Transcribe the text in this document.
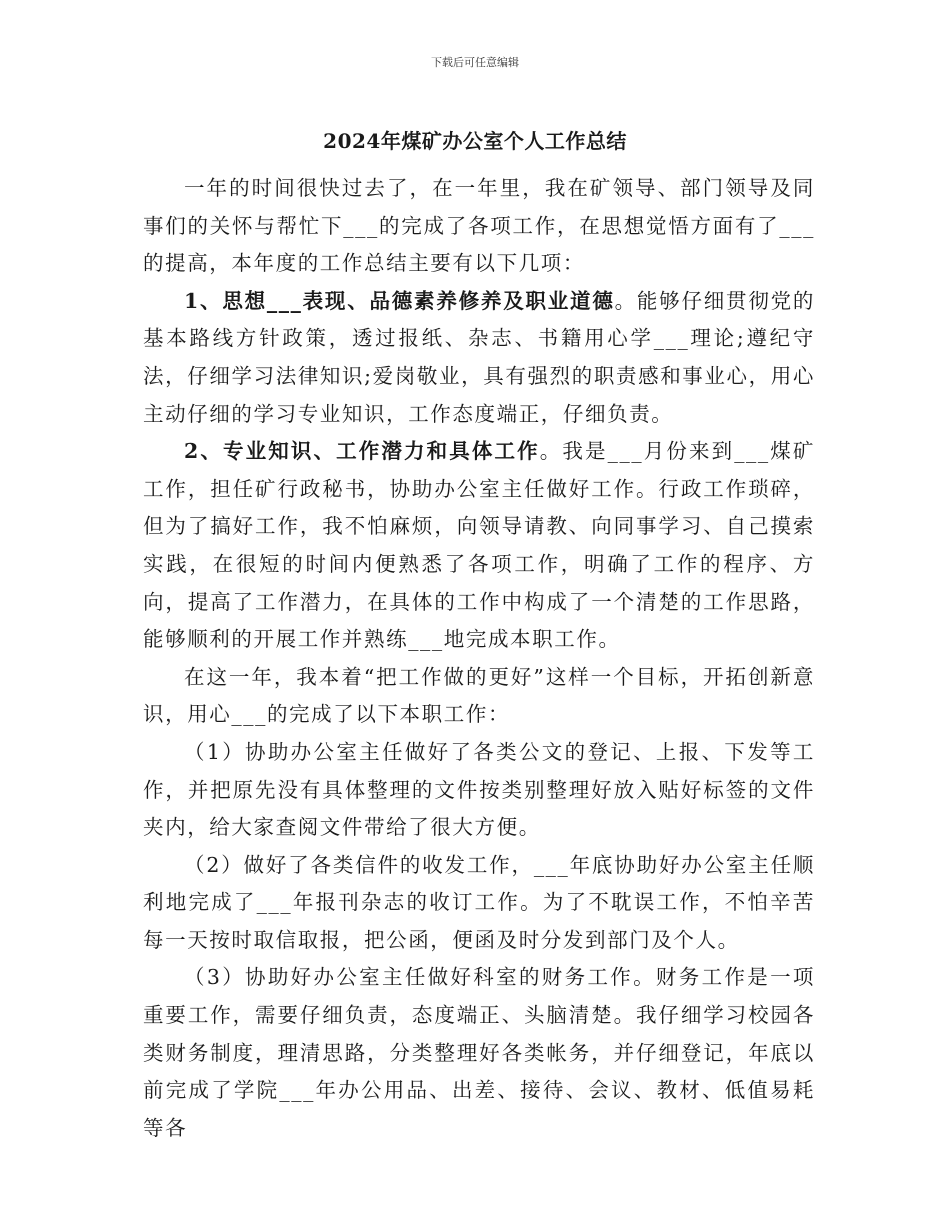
下载后可任意编辑
2024年煤矿办公室个人工作总结

一年的时间很快过去了，在一年里，我在矿领导、部门领导及同事们的关怀与帮忙下___的完成了各项工作，在思想觉悟方面有了___的提高，本年度的工作总结主要有以下几项：

1、思想___表现、品德素养修养及职业道德。能够仔细贯彻党的基本路线方针政策，透过报纸、杂志、书籍用心学___理论;遵纪守法，仔细学习法律知识;爱岗敬业，具有强烈的职责感和事业心，用心主动仔细的学习专业知识，工作态度端正，仔细负责。

2、专业知识、工作潜力和具体工作。我是___月份来到___煤矿工作，担任矿行政秘书，协助办公室主任做好工作。行政工作琐碎，但为了搞好工作，我不怕麻烦，向领导请教、向同事学习、自己摸索实践，在很短的时间内便熟悉了各项工作，明确了工作的程序、方向，提高了工作潜力，在具体的工作中构成了一个清楚的工作思路，能够顺利的开展工作并熟练___地完成本职工作。

在这一年，我本着“把工作做的更好”这样一个目标，开拓创新意识，用心___的完成了以下本职工作：

（1）协助办公室主任做好了各类公文的登记、上报、下发等工作，并把原先没有具体整理的文件按类别整理好放入贴好标签的文件夹内，给大家查阅文件带给了很大方便。

（2）做好了各类信件的收发工作，___年底协助好办公室主任顺利地完成了___年报刊杂志的收订工作。为了不耽误工作，不怕辛苦每一天按时取信取报，把公函，便函及时分发到部门及个人。

（3）协助好办公室主任做好科室的财务工作。财务工作是一项重要工作，需要仔细负责，态度端正、头脑清楚。我仔细学习校园各类财务制度，理清思路，分类整理好各类帐务，并仔细登记，年底以前完成了学院___年办公用品、出差、接待、会议、教材、低值易耗等各
